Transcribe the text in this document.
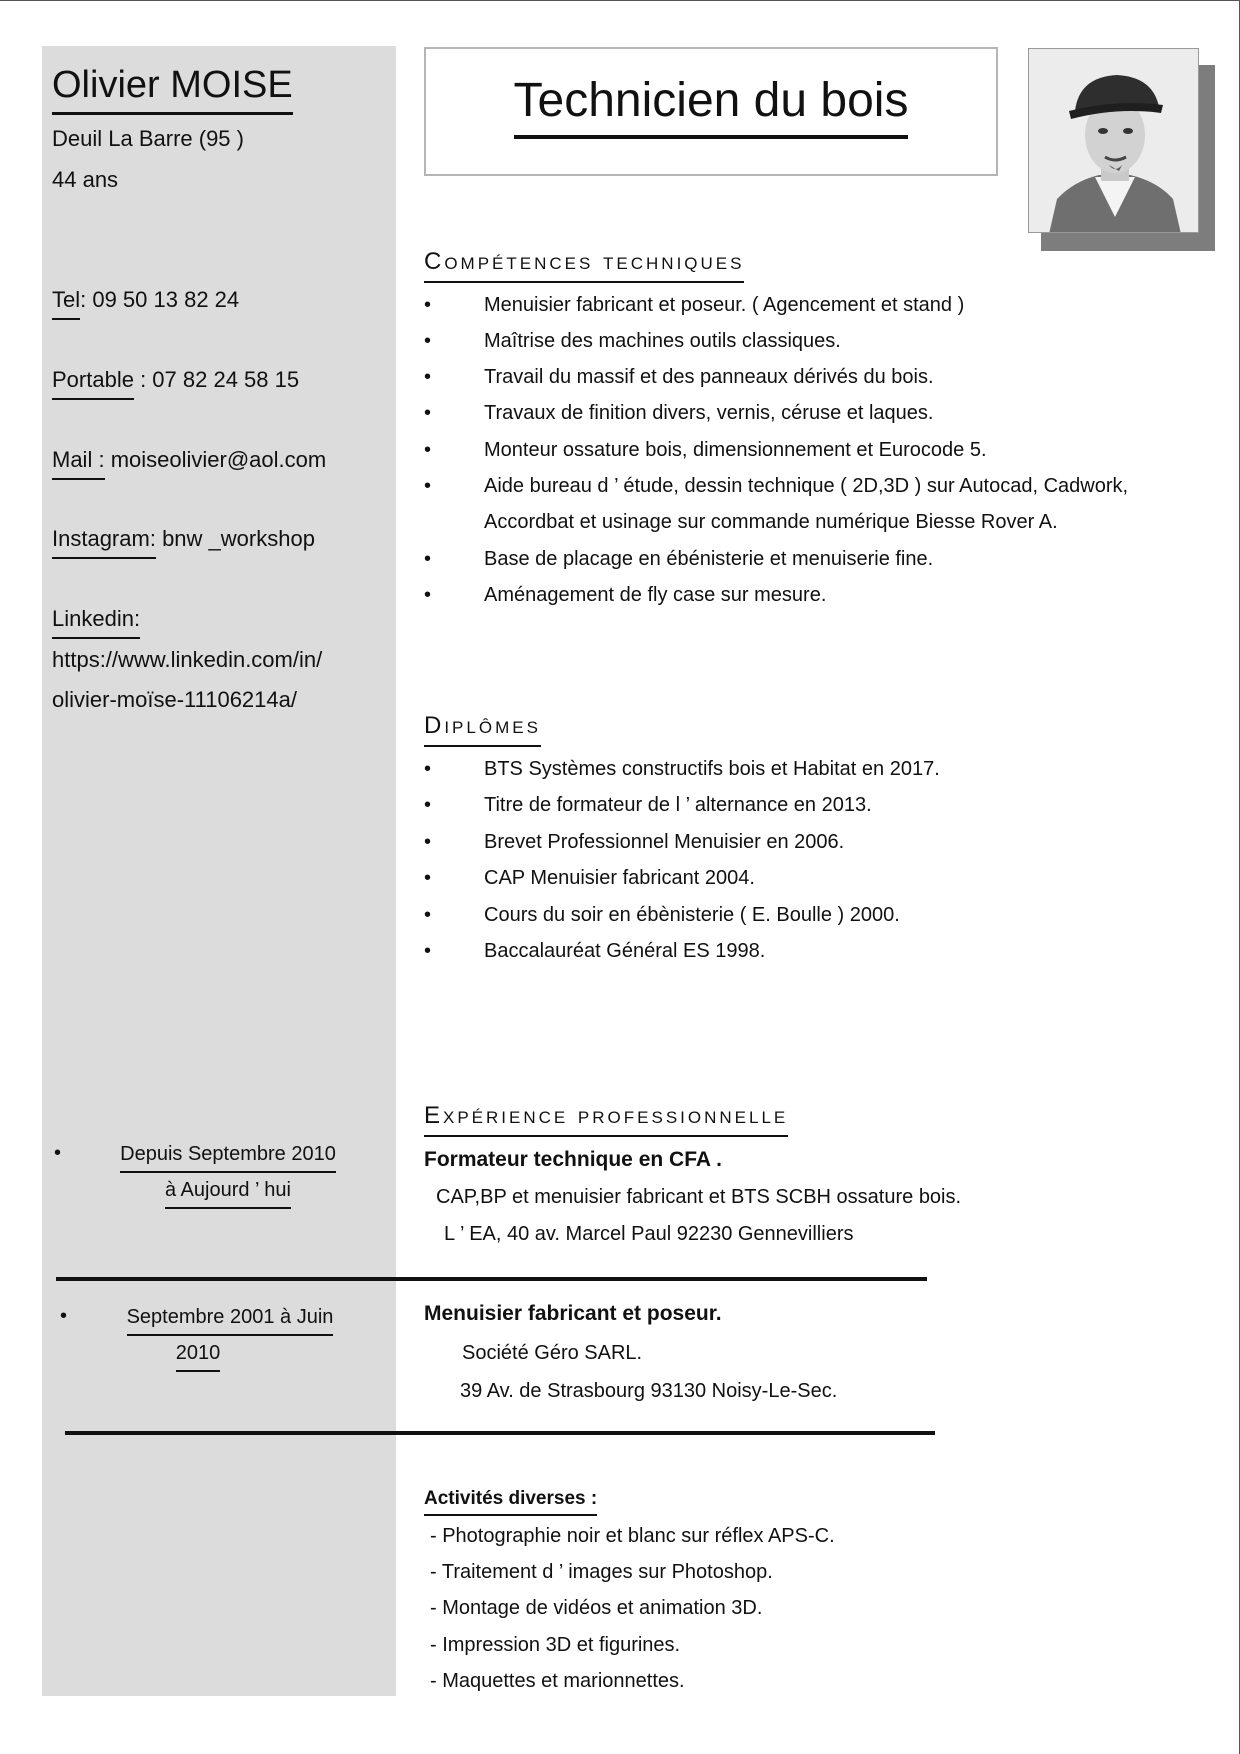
Olivier MOISE
Deuil La Barre (95 )
44 ans
Tel: 09 50 13 82 24
Portable : 07 82 24 58 15
Mail : moiseolivier@aol.com
Instagram: bnw _workshop
Linkedin:
https://www.linkedin.com/in/
olivier-moïse-11106214a/
Technicien du bois
Compétences techniques
•	Menuisier fabricant et poseur. ( Agencement et stand )
•	Maîtrise des machines outils classiques.
•	Travail du massif et des panneaux dérivés du bois.
•	Travaux de finition divers, vernis, céruse et laques.
•	Monteur ossature bois, dimensionnement et Eurocode 5.
•	Aide bureau d ’ étude, dessin technique ( 2D,3D ) sur Autocad, Cadwork,
Accordbat et usinage sur commande numérique Biesse Rover A.
•	Base de placage en ébénisterie et menuiserie fine.
•	Aménagement de fly case sur mesure.
Diplômes
•	BTS Systèmes constructifs bois et Habitat en 2017.
•	Titre de formateur de l ’ alternance en 2013.
•	Brevet Professionnel Menuisier en 2006.
•	CAP Menuisier fabricant 2004.
•	Cours du soir en ébènisterie ( E. Boulle ) 2000.
•	Baccalauréat Général ES 1998.
Expérience professionnelle
•	Depuis Septembre 2010
à Aujourd ’ hui
Formateur technique en CFA .
CAP,BP et menuisier fabricant et BTS SCBH ossature bois.
L ’ EA, 40 av. Marcel Paul 92230 Gennevilliers
•	Septembre 2001 à Juin
2010
Menuisier fabricant et poseur.
Société Géro SARL.
39 Av. de Strasbourg 93130 Noisy-Le-Sec.
Activités diverses :
- Photographie noir et blanc sur réflex APS-C.
- Traitement d ’ images sur Photoshop.
- Montage de vidéos et animation 3D.
- Impression 3D et figurines.
- Maquettes et marionnettes.
